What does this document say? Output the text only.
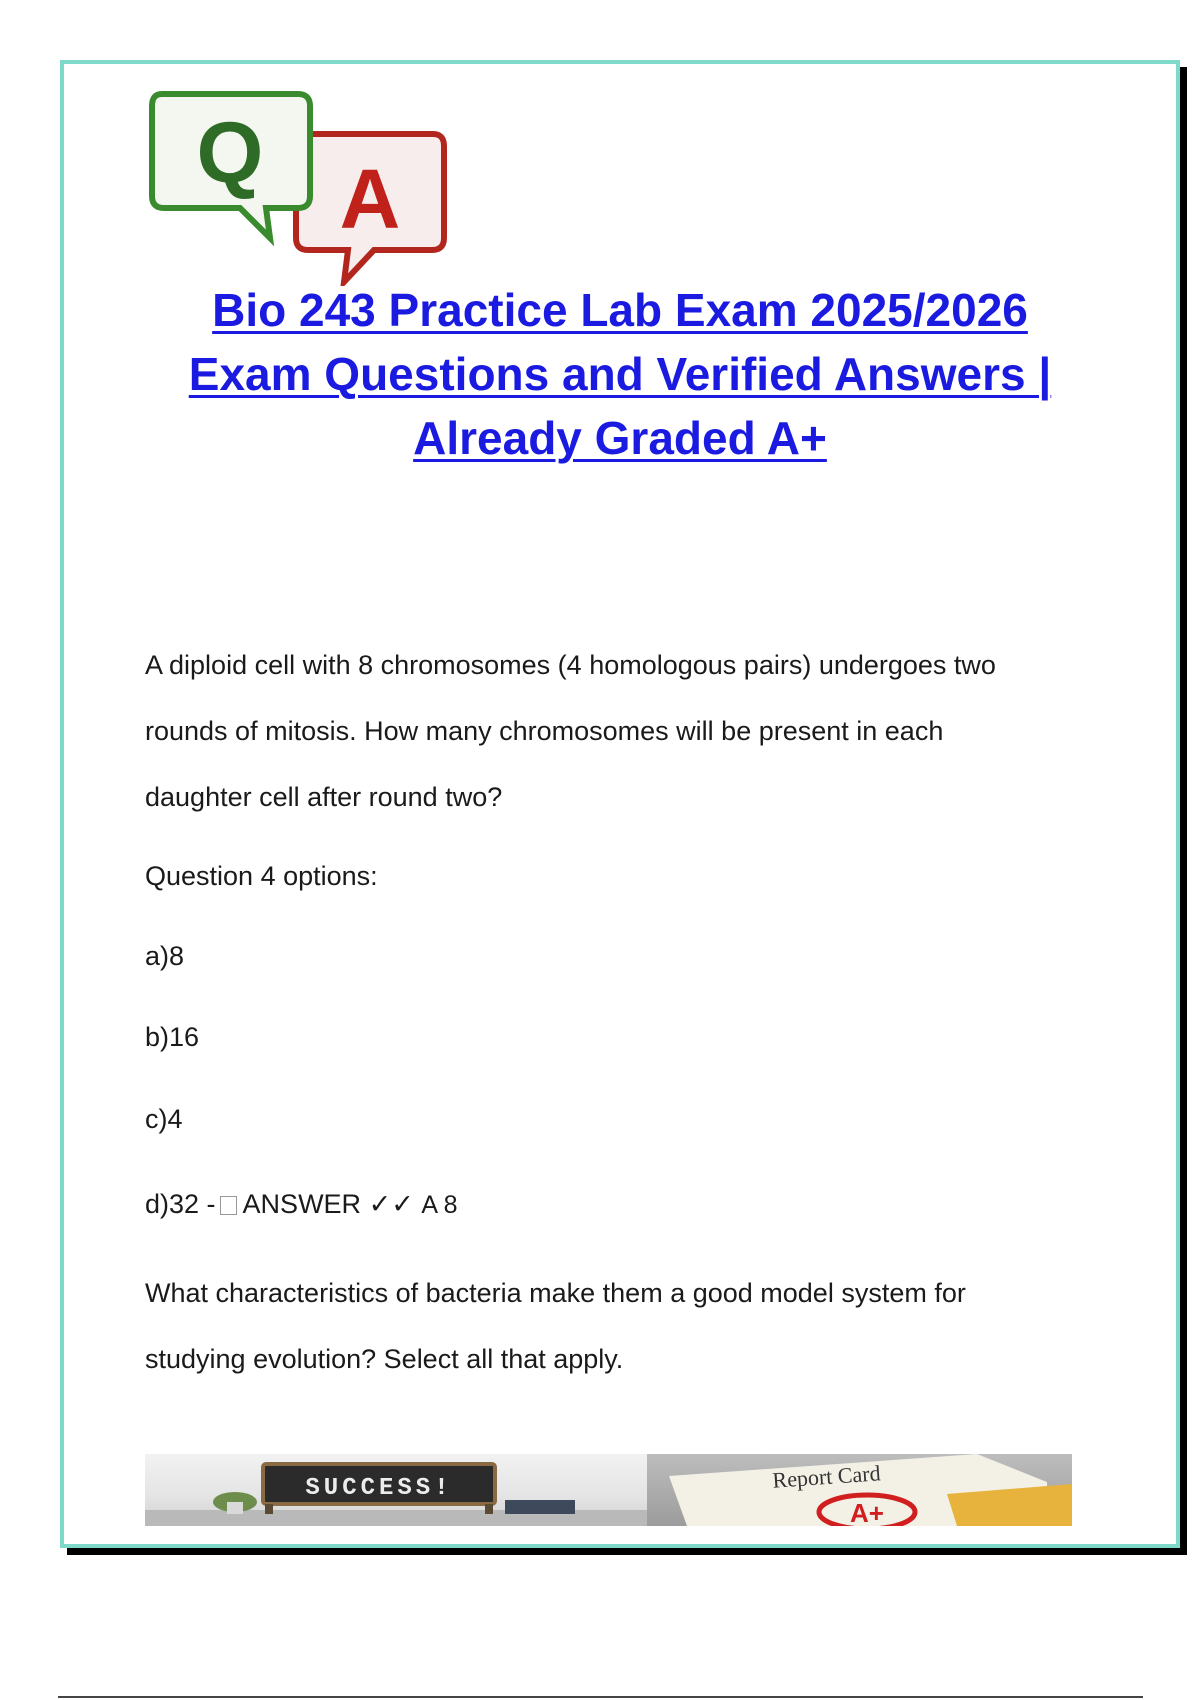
A
Q
Bio 243 Practice Lab Exam 2025/2026
Exam Questions and Verified Answers |
Already Graded A+
A diploid cell with 8 chromosomes (4 homologous pairs) undergoes two
rounds of mitosis. How many chromosomes will be present in each
daughter cell after round two?
Question 4 options:
a)8
b)16
c)4
d)32 - ANSWER ✓✓ A 8
What characteristics of bacteria make them a good model system for
studying evolution? Select all that apply.
SUCCESS!	Report Card
A+
